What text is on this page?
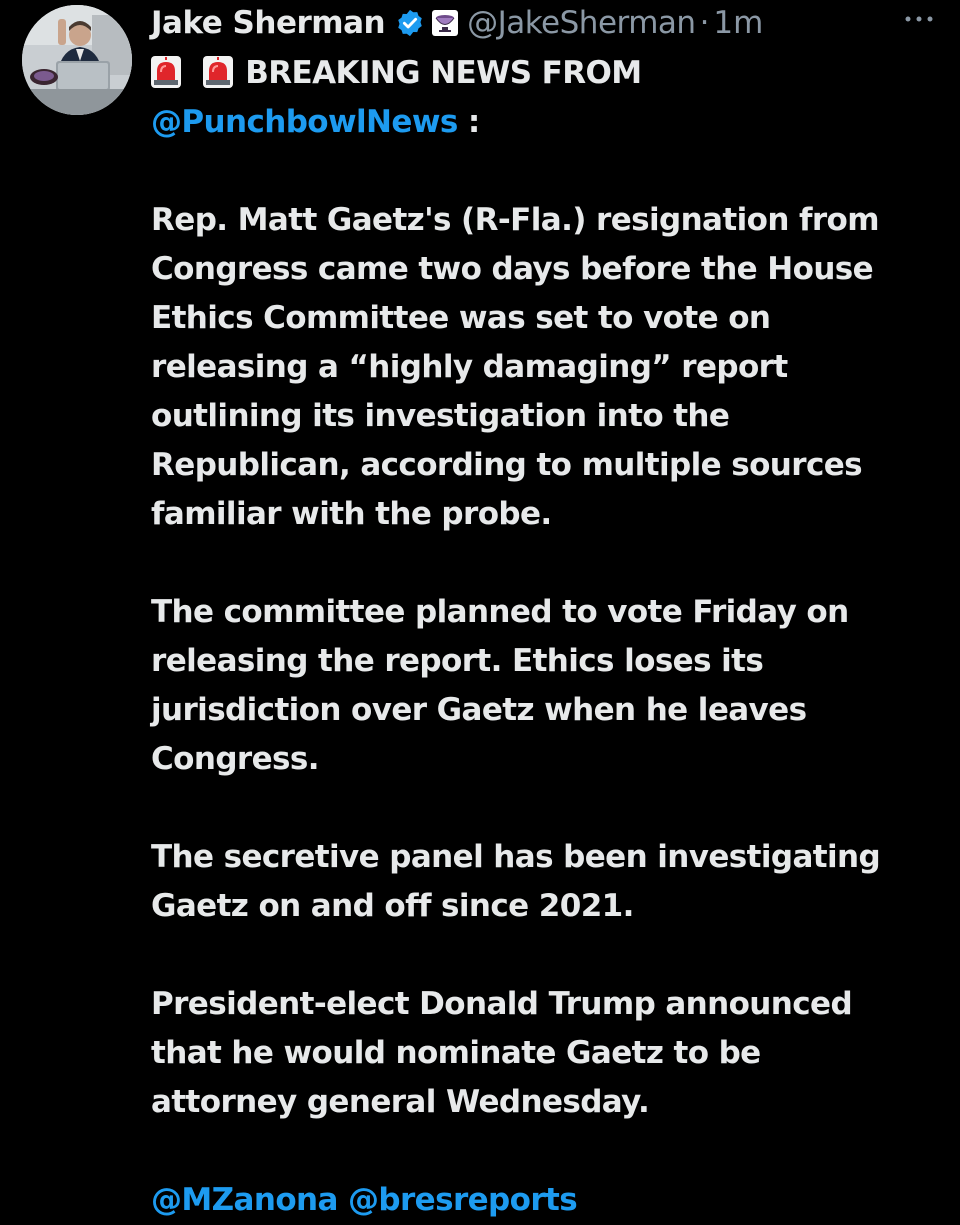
Jake Sherman	@JakeSherman · 1m

BREAKING NEWS FROM
@PunchbowlNews :
Rep. Matt Gaetz's (R-Fla.) resignation from
Congress came two days before the House
Ethics Committee was set to vote on
releasing a “highly damaging” report
outlining its investigation into the
Republican, according to multiple sources
familiar with the probe.
The committee planned to vote Friday on
releasing the report. Ethics loses its
jurisdiction over Gaetz when he leaves
Congress.
The secretive panel has been investigating
Gaetz on and off since 2021.
President-elect Donald Trump announced
that he would nominate Gaetz to be
attorney general Wednesday.
@MZanona @bresreports
